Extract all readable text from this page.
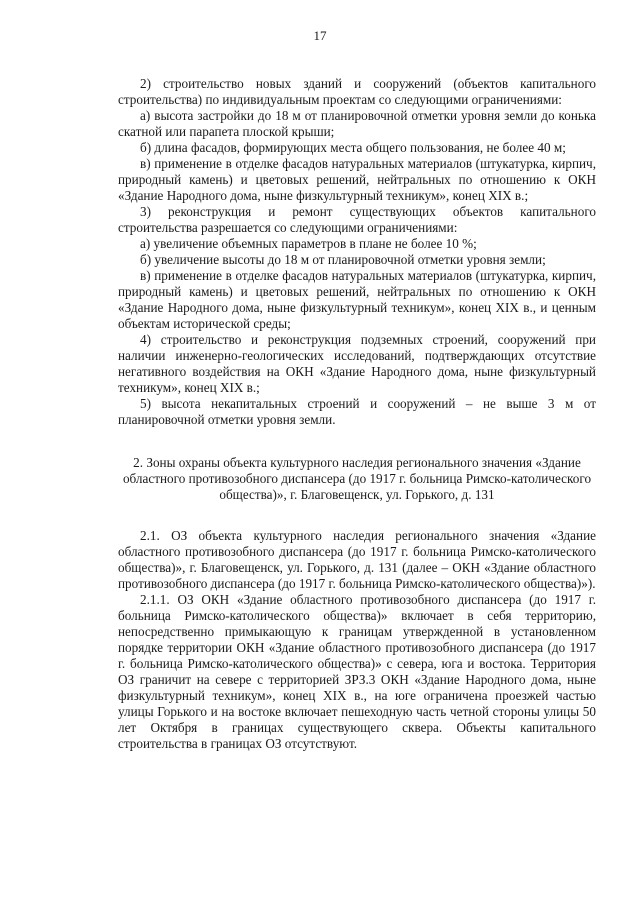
17

2) строительство новых зданий и сооружений (объектов капитального строительства) по индивидуальным проектам со следующими ограничениями:

а) высота застройки до 18 м от планировочной отметки уровня земли до конька скатной или парапета плоской крыши;

б) длина фасадов, формирующих места общего пользования, не более 40 м;

в) применение в отделке фасадов натуральных материалов (штукатурка, кирпич, природный камень) и цветовых решений, нейтральных по отношению к ОКН «Здание Народного дома, ныне физкультурный техникум», конец XIX в.;

3) реконструкция и ремонт существующих объектов капитального строительства разрешается со следующими ограничениями:

а) увеличение объемных параметров в плане не более 10 %;

б) увеличение высоты до 18 м от планировочной отметки уровня земли;

в) применение в отделке фасадов натуральных материалов (штукатурка, кирпич, природный камень) и цветовых решений, нейтральных по отношению к ОКН «Здание Народного дома, ныне физкультурный техникум», конец XIX в., и ценным объектам исторической среды;

4) строительство и реконструкция подземных строений, сооружений при наличии инженерно-геологических исследований, подтверждающих отсутствие негативного воздействия на ОКН «Здание Народного дома, ныне физкультурный техникум», конец XIX в.;

5) высота некапитальных строений и сооружений – не выше 3 м от планировочной отметки уровня земли.

2. Зоны охраны объекта культурного наследия регионального значения «Здание областного противозобного диспансера (до 1917 г. больница Римско-католического общества)», г. Благовещенск, ул. Горького, д. 131

2.1. ОЗ объекта культурного наследия регионального значения «Здание областного противозобного диспансера (до 1917 г. больница Римско-католического общества)», г. Благовещенск, ул. Горького, д. 131 (далее – ОКН «Здание областного противозобного диспансера (до 1917 г. больница Римско-католического общества)»).

2.1.1. ОЗ ОКН «Здание областного противозобного диспансера (до 1917 г. больница Римско-католического общества)» включает в себя территорию, непосредственно примыкающую к границам утвержденной в установленном порядке территории ОКН «Здание областного противозобного диспансера (до 1917 г. больница Римско-католического общества)» с севера, юга и востока. Территория ОЗ граничит на севере с территорией ЗРЗ.3 ОКН «Здание Народного дома, ныне физкультурный техникум», конец XIX в., на юге ограничена проезжей частью улицы Горького и на востоке включает пешеходную часть четной стороны улицы 50 лет Октября в границах существующего сквера. Объекты капитального строительства в границах ОЗ отсутствуют.
